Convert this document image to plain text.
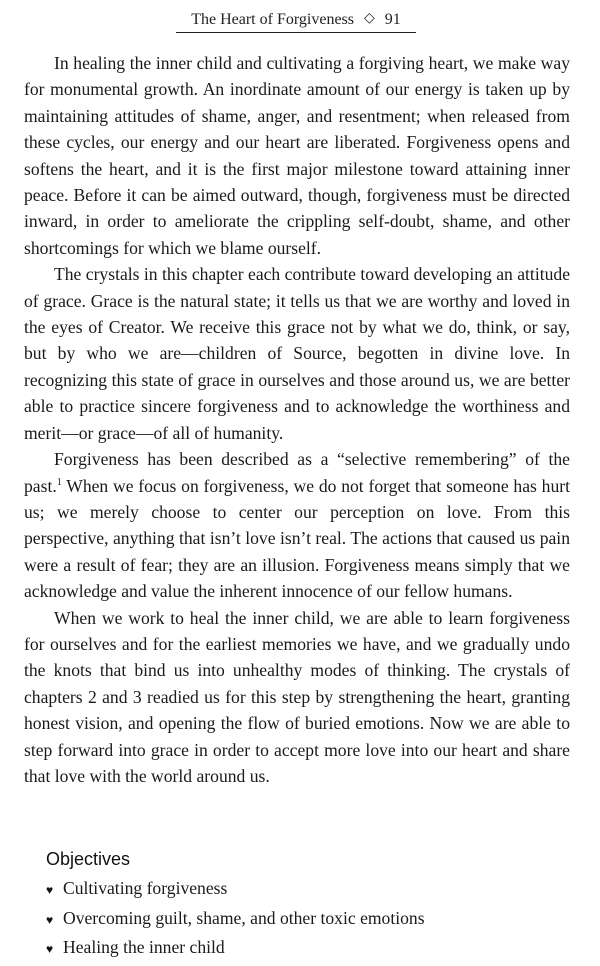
The Heart of Forgiveness ◇ 91

In healing the inner child and cultivating a forgiving heart, we make way for monumental growth. An inordinate amount of our energy is taken up by maintaining attitudes of shame, anger, and resentment; when released from these cycles, our energy and our heart are liberated. Forgiveness opens and softens the heart, and it is the first major milestone toward attaining inner peace. Before it can be aimed outward, though, forgiveness must be directed inward, in order to ameliorate the crippling self-doubt, shame, and other shortcomings for which we blame ourself.

The crystals in this chapter each contribute toward developing an attitude of grace. Grace is the natural state; it tells us that we are worthy and loved in the eyes of Creator. We receive this grace not by what we do, think, or say, but by who we are—children of Source, begotten in divine love. In recognizing this state of grace in ourselves and those around us, we are better able to practice sincere forgiveness and to acknowledge the worthiness and merit—or grace—of all of humanity.

Forgiveness has been described as a “selective remembering” of the past.$^1$ When we focus on forgiveness, we do not forget that someone has hurt us; we merely choose to center our perception on love. From this perspective, anything that isn’t love isn’t real. The actions that caused us pain were a result of fear; they are an illusion. Forgiveness means simply that we acknowledge and value the inherent innocence of our fellow humans.

When we work to heal the inner child, we are able to learn forgiveness for ourselves and for the earliest memories we have, and we gradually undo the knots that bind us into unhealthy modes of thinking. The crystals of chapters 2 and 3 readied us for this step by strengthening the heart, granting honest vision, and opening the flow of buried emotions. Now we are able to step forward into grace in order to accept more love into our heart and share that love with the world around us.

Objectives
♥ Cultivating forgiveness
♥ Overcoming guilt, shame, and other toxic emotions
♥ Healing the inner child
